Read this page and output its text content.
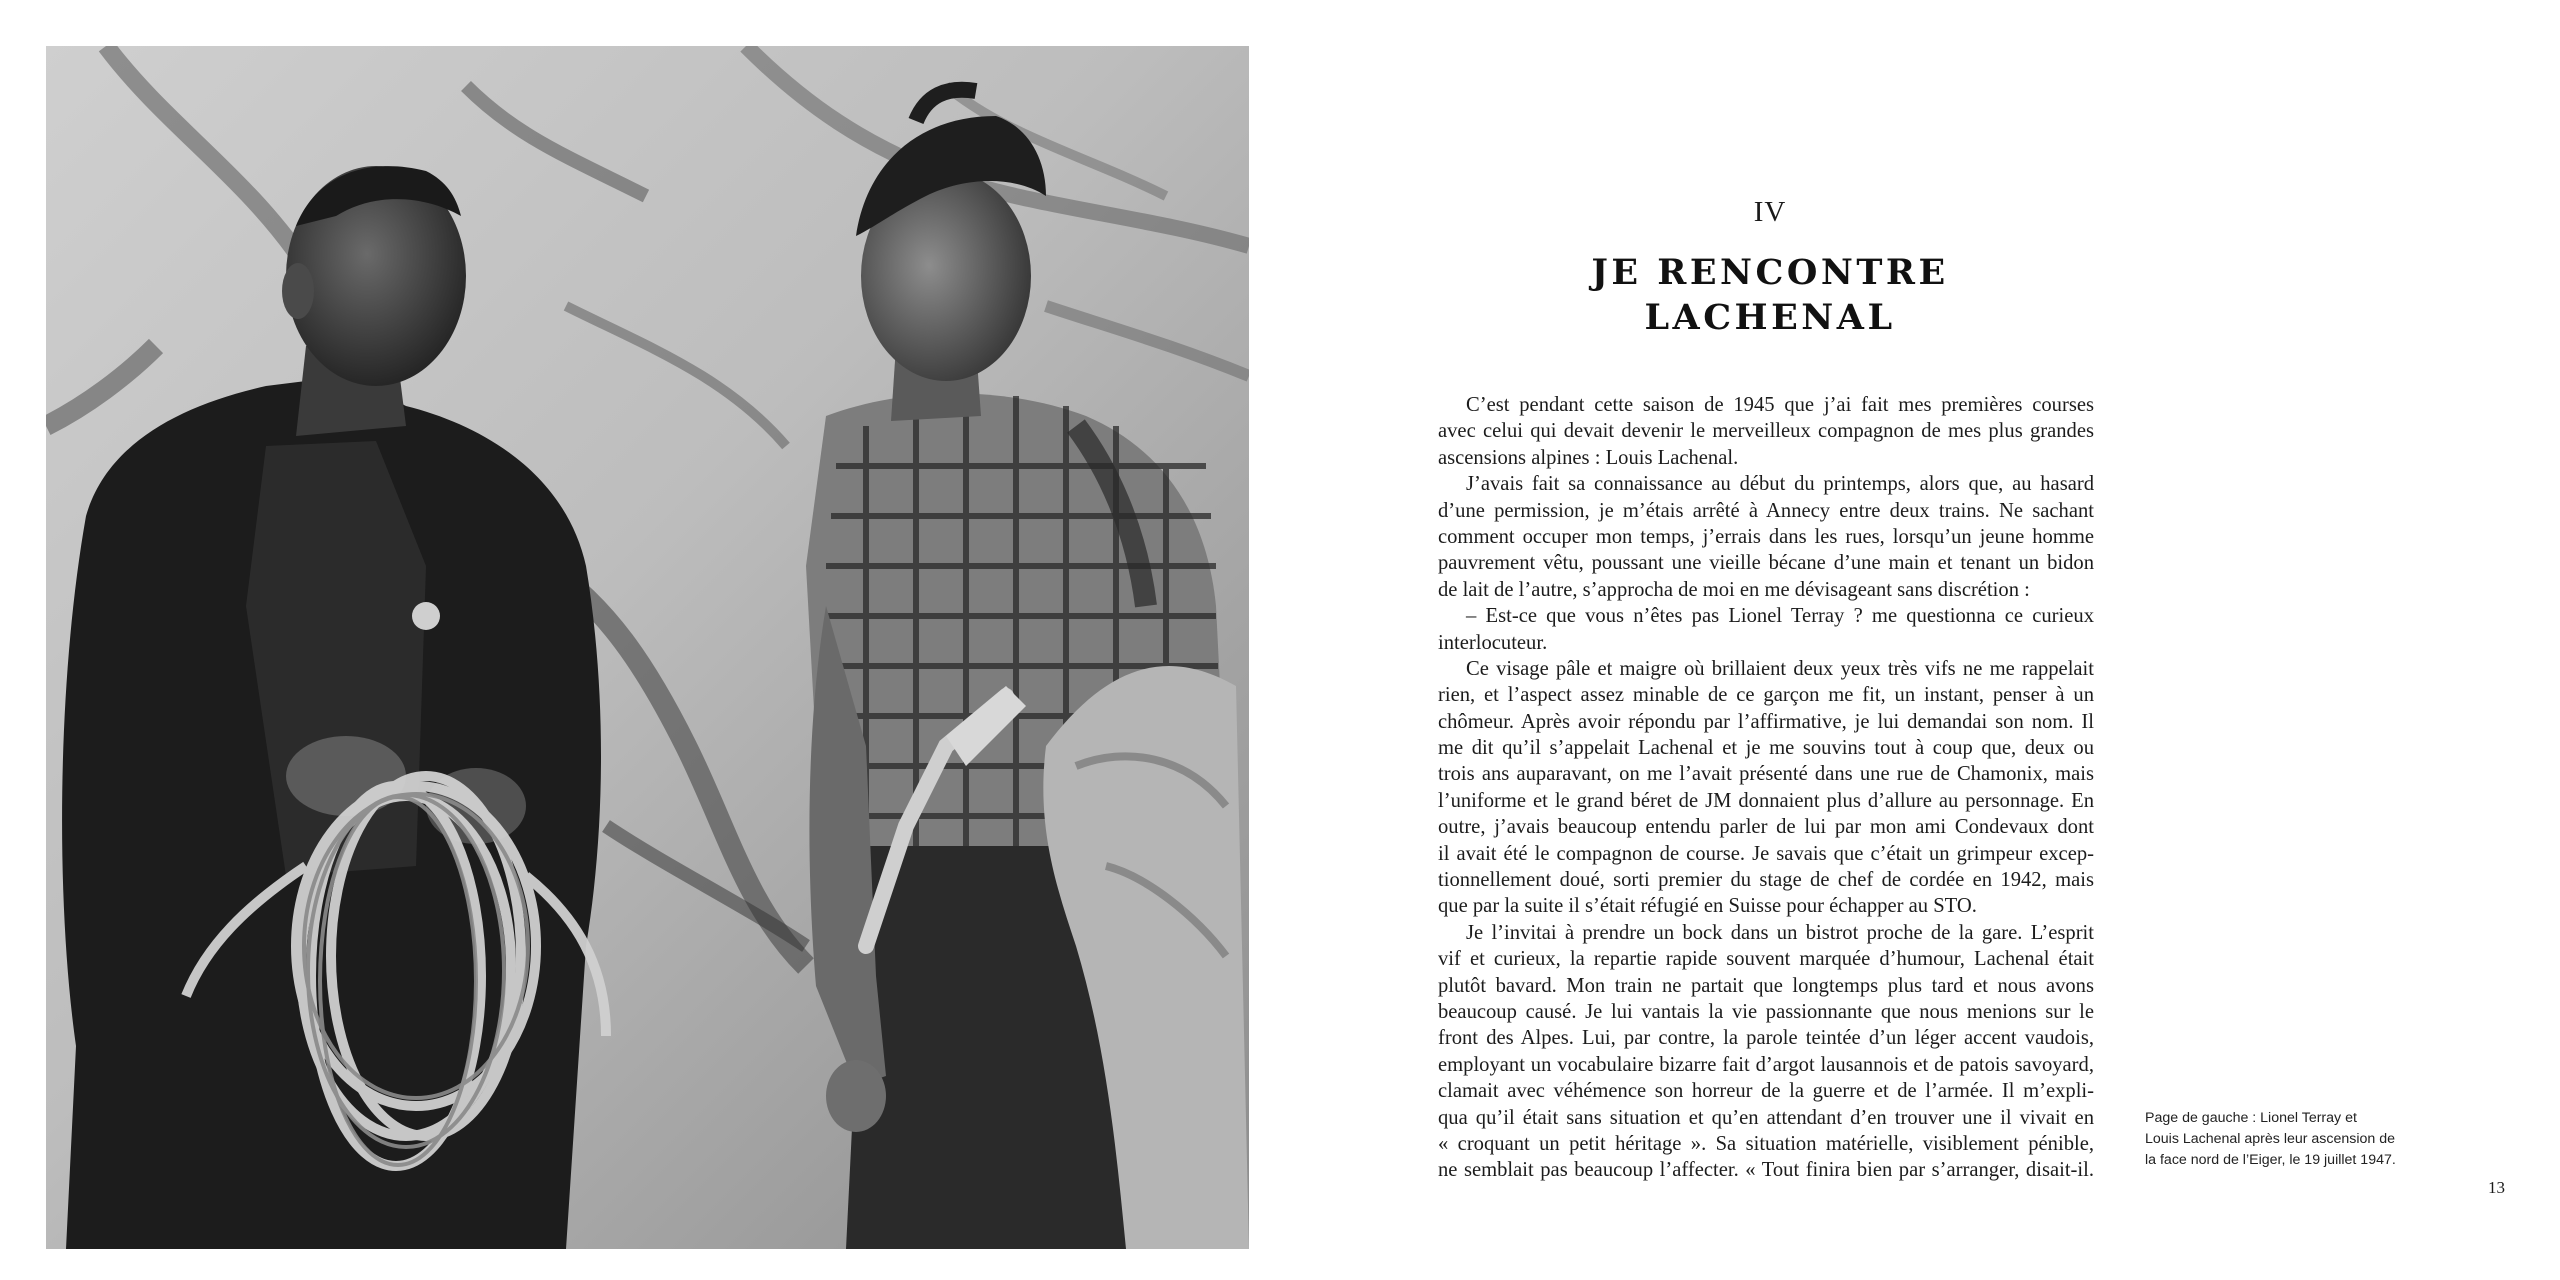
IV
JE RENCONTRE
LACHENAL
C’est pendant cette saison de 1945 que j’ai fait mes premières courses
avec celui qui devait devenir le merveilleux compagnon de mes plus grandes
ascensions alpines : Louis Lachenal.
J’avais fait sa connaissance au début du printemps, alors que, au hasard
d’une permission, je m’étais arrêté à Annecy entre deux trains. Ne sachant
comment occuper mon temps, j’errais dans les rues, lorsqu’un jeune homme
pauvrement vêtu, poussant une vieille bécane d’une main et tenant un bidon
de lait de l’autre, s’approcha de moi en me dévisageant sans discrétion :
– Est-ce que vous n’êtes pas Lionel Terray ? me questionna ce curieux
interlocuteur.
Ce visage pâle et maigre où brillaient deux yeux très vifs ne me rappelait
rien, et l’aspect assez minable de ce garçon me fit, un instant, penser à un
chômeur. Après avoir répondu par l’affirmative, je lui demandai son nom. Il
me dit qu’il s’appelait Lachenal et je me souvins tout à coup que, deux ou
trois ans auparavant, on me l’avait présenté dans une rue de Chamonix, mais
l’uniforme et le grand béret de JM donnaient plus d’allure au personnage. En
outre, j’avais beaucoup entendu parler de lui par mon ami Condevaux dont
il avait été le compagnon de course. Je savais que c’était un grimpeur excep-
tionnellement doué, sorti premier du stage de chef de cordée en 1942, mais
que par la suite il s’était réfugié en Suisse pour échapper au STO.
Je l’invitai à prendre un bock dans un bistrot proche de la gare. L’esprit
vif et curieux, la repartie rapide souvent marquée d’humour, Lachenal était
plutôt bavard. Mon train ne partait que longtemps plus tard et nous avons
beaucoup causé. Je lui vantais la vie passionnante que nous menions sur le
front des Alpes. Lui, par contre, la parole teintée d’un léger accent vaudois,
employant un vocabulaire bizarre fait d’argot lausannois et de patois savoyard,
clamait avec véhémence son horreur de la guerre et de l’armée. Il m’expli-
qua qu’il était sans situation et qu’en attendant d’en trouver une il vivait en
« croquant un petit héritage ». Sa situation matérielle, visiblement pénible,
ne semblait pas beaucoup l’affecter. « Tout finira bien par s’arranger, disait-il.
Page de gauche : Lionel Terray et
Louis Lachenal après leur ascension de
la face nord de l’Eiger, le 19 juillet 1947.
13
